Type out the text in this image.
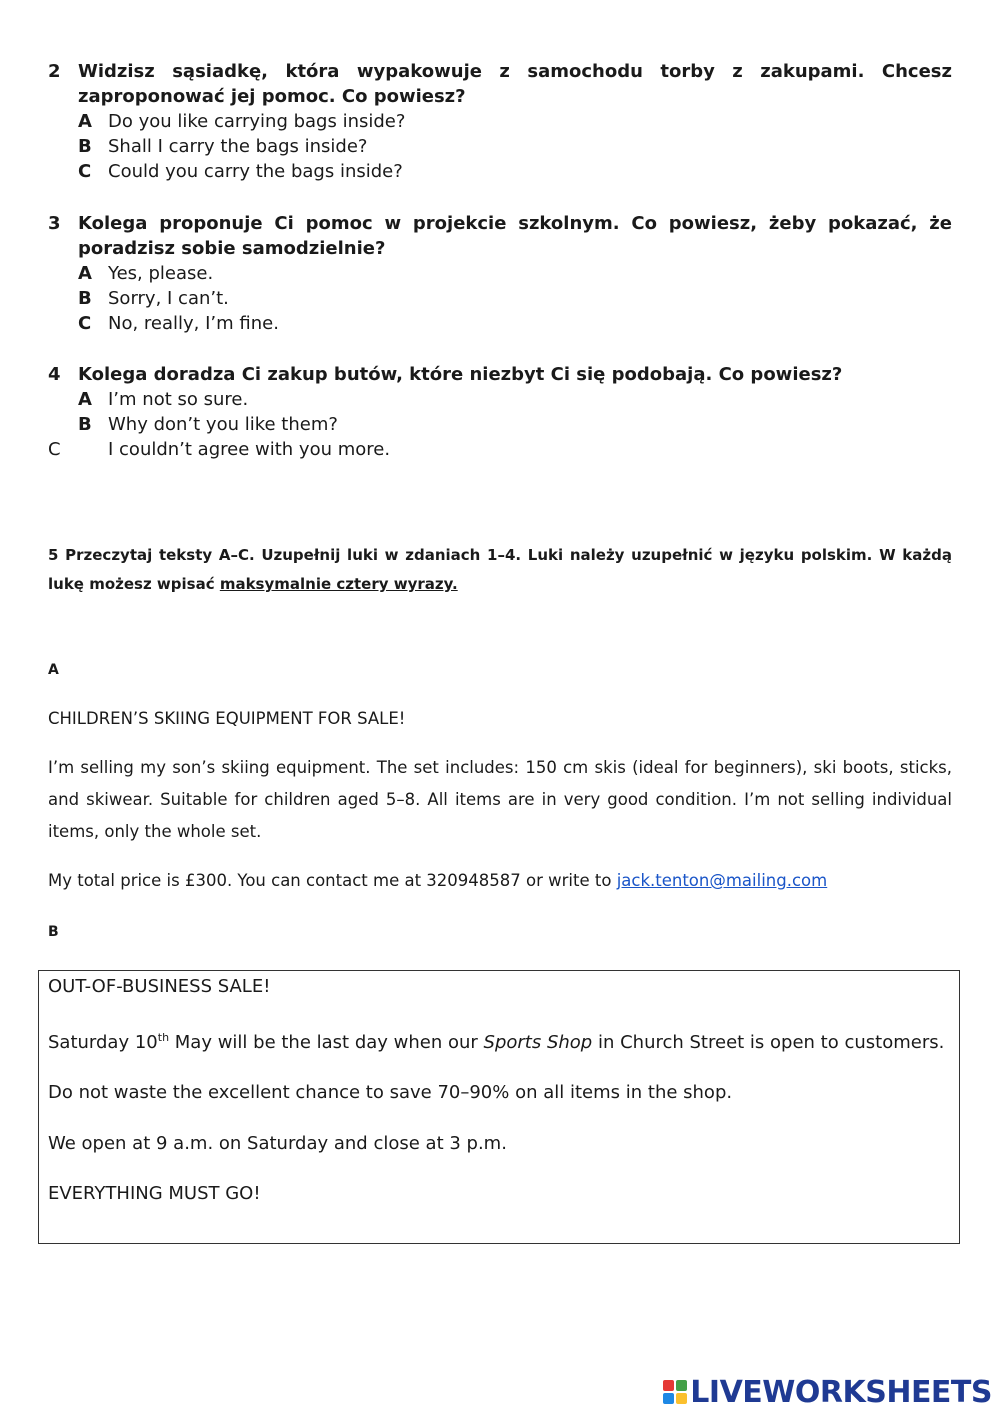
2 Widzisz sąsiadkę, która wypakowuje z samochodu torby z zakupami. Chcesz zaproponować jej pomoc. Co powiesz?
A Do you like carrying bags inside?
B Shall I carry the bags inside?
C Could you carry the bags inside?
3 Kolega proponuje Ci pomoc w projekcie szkolnym. Co powiesz, żeby pokazać, że poradzisz sobie samodzielnie?
A Yes, please.
B Sorry, I can’t.
C No, really, I’m fine.
4 Kolega doradza Ci zakup butów, które niezbyt Ci się podobają. Co powiesz?
A I’m not so sure.
B Why don’t you like them?
C	I couldn’t agree with you more.
5 Przeczytaj teksty A–C. Uzupełnij luki w zdaniach 1–4. Luki należy uzupełnić w języku polskim. W każdą lukę możesz wpisać maksymalnie cztery wyrazy.
A
CHILDREN’S SKIING EQUIPMENT FOR SALE!
I’m selling my son’s skiing equipment. The set includes: 150 cm skis (ideal for beginners), ski boots, sticks, and skiwear. Suitable for children aged 5–8. All items are in very good condition. I’m not selling individual items, only the whole set.
My total price is £300. You can contact me at 320948587 or write to jack.tenton@mailing.com
B

OUT-OF-BUSINESS SALE!

Saturday 10th May will be the last day when our Sports Shop in Church Street is open to customers.

Do not waste the excellent chance to save 70–90% on all items in the shop.

We open at 9 a.m. on Saturday and close at 3 p.m.

EVERYTHING MUST GO!

LIVEWORKSHEETS
